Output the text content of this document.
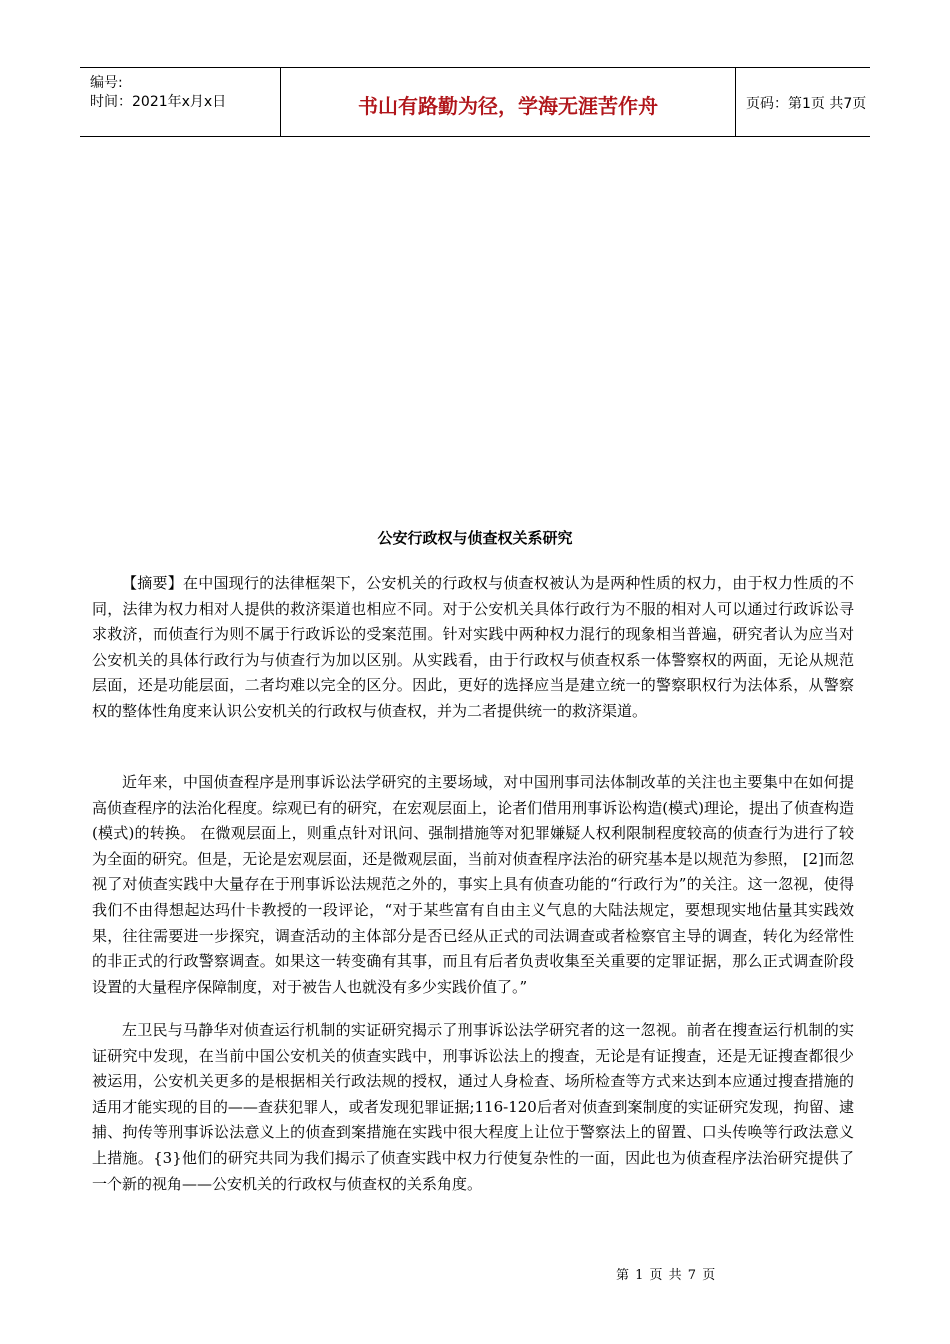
编号:
时间：2021年x月x日	书山有路勤为径，学海无涯苦作舟	页码：第1页 共7页
公安行政权与侦查权关系研究

【摘要】在中国现行的法律框架下，公安机关的行政权与侦查权被认为是两种性质的权力，由于权力性质的不同，法律为权力相对人提供的救济渠道也相应不同。对于公安机关具体行政行为不服的相对人可以通过行政诉讼寻求救济，而侦查行为则不属于行政诉讼的受案范围。针对实践中两种权力混行的现象相当普遍，研究者认为应当对公安机关的具体行政行为与侦查行为加以区别。从实践看，由于行政权与侦查权系一体警察权的两面，无论从规范层面，还是功能层面，二者均难以完全的区分。因此，更好的选择应当是建立统一的警察职权行为法体系，从警察权的整体性角度来认识公安机关的行政权与侦查权，并为二者提供统一的救济渠道。

近年来，中国侦查程序是刑事诉讼法学研究的主要场域，对中国刑事司法体制改革的关注也主要集中在如何提高侦查程序的法治化程度。综观已有的研究，在宏观层面上，论者们借用刑事诉讼构造(模式)理论，提出了侦查构造(模式)的转换。 在微观层面上，则重点针对讯问、强制措施等对犯罪嫌疑人权利限制程度较高的侦查行为进行了较为全面的研究。但是，无论是宏观层面，还是微观层面，当前对侦查程序法治的研究基本是以规范为参照， [2]而忽视了对侦查实践中大量存在于刑事诉讼法规范之外的，事实上具有侦查功能的“行政行为”的关注。这一忽视，使得我们不由得想起达玛什卡教授的一段评论，“对于某些富有自由主义气息的大陆法规定，要想现实地估量其实践效果，往往需要进一步探究，调查活动的主体部分是否已经从正式的司法调查或者检察官主导的调查，转化为经常性的非正式的行政警察调查。如果这一转变确有其事，而且有后者负责收集至关重要的定罪证据，那么正式调查阶段设置的大量程序保障制度，对于被告人也就没有多少实践价值了。”

左卫民与马静华对侦查运行机制的实证研究揭示了刑事诉讼法学研究者的这一忽视。前者在搜查运行机制的实证研究中发现，在当前中国公安机关的侦查实践中，刑事诉讼法上的搜查，无论是有证搜查，还是无证搜查都很少被运用，公安机关更多的是根据相关行政法规的授权，通过人身检查、场所检查等方式来达到本应通过搜查措施的适用才能实现的目的——查获犯罪人，或者发现犯罪证据;116-120后者对侦查到案制度的实证研究发现，拘留、逮捕、拘传等刑事诉讼法意义上的侦查到案措施在实践中很大程度上让位于警察法上的留置、口头传唤等行政法意义上措施。{3}他们的研究共同为我们揭示了侦查实践中权力行使复杂性的一面，因此也为侦查程序法治研究提供了一个新的视角——公安机关的行政权与侦查权的关系角度。

第 1 页 共 7 页
